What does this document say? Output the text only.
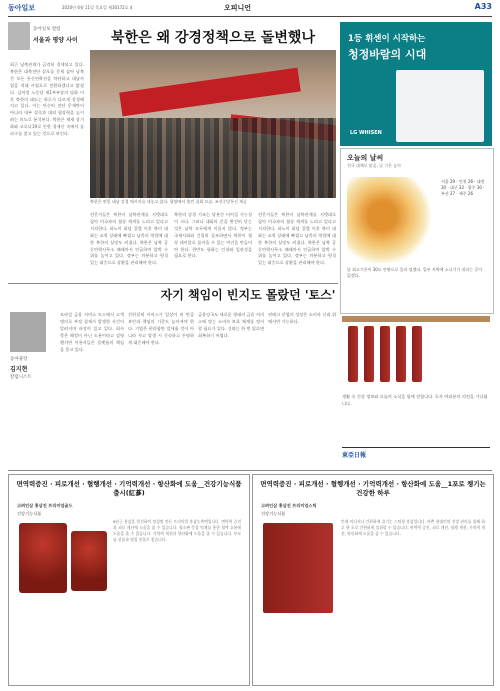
동아일보	2020년 6월 11일 목요일 제30172호 4	오피니언	A33
동아일보 칼럼
서울과 평양 사이	북한은 왜 강경정책으로 돌변했나
최근 남북관계가 급격히 경색되고 있다. 북한은 대북전단 살포를 문제 삼아 남북 간 모든 통신연락선을 차단하고 대남사업을 적대 사업으로 전환하겠다고 밝혔다. 김여정 노동당 제1부부장의 담화 이후 북한의 태도는 하루가 다르게 강경해지고 있다. 이는 단순히 전단 문제만이 아니라 내부 결속과 대외 협상력을 높이려는 의도로 분석된다. 북한은 제재 장기화와 코로나19로 인한 경제난 속에서 돌파구를 찾고 있는 것으로 보인다.
북한은 연일 대남 강경 메시지를 내놓고 있다. 평양에서 열린 집회 모습. 조선중앙통신 제공
전문가들은 북한이 남북관계를 지렛대로 삼아 미국과의 협상 재개를 노리고 있다고 지적한다. 하노이 회담 결렬 이후 북미 대화는 교착 상태에 빠졌고 남측의 역할에 대한 북한의 실망도 커졌다. 북한은 남북 공동연락사무소 폐쇄까지 언급하며 압박 수위를 높이고 있다. 정부는 차분하고 원칙 있는 대응으로 상황을 관리해야 한다.
북한의 강경 기조는 당분간 이어질 가능성이 크다. 그러나 대화의 문을 완전히 닫는 것은 남북 모두에게 이롭지 않다. 정부는 국제사회와 긴밀히 공조하면서 북한이 협상 테이블로 돌아올 수 있는 여건을 만들어야 한다. 한반도 평화는 인내와 일관성을 필요로 한다.
전문가들은 북한이 남북관계를 지렛대로 삼아 미국과의 협상 재개를 노리고 있다고 지적한다. 하노이 회담 결렬 이후 북미 대화는 교착 상태에 빠졌고 남측의 역할에 대한 북한의 실망도 커졌다. 북한은 남북 공동연락사무소 폐쇄까지 언급하며 압박 수위를 높이고 있다. 정부는 차분하고 원칙 있는 대응으로 상황을 관리해야 한다.
자기 책임이 빈지도 몰랐던 '토스'
동아광장
김지현
칼럼니스트
모바일 금융 서비스 토스에서 고객 명의로 부정 결제가 발생한 사건이 알려지며 파장이 일고 있다. 회사 측은 해킹이 아닌 도용이라고 설명했지만 이용자들은 플랫폼의 책임을 묻고 있다.
간편결제 서비스가 일상이 된 만큼 보안과 책임의 기준도 높아져야 한다. 기업은 편리함만 앞세울 것이 아니라 사고 발생 시 신속하고 투명하게 대응해야 한다.
금융당국도 새로운 형태의 금융 서비스에 맞는 소비자 보호 체계를 정비할 필요가 있다. 신뢰는 한 번 잃으면 회복하기 어렵다.
핀테크 산업의 성장은 소비자 신뢰 위에서만 가능하다.
1등 휘센이 시작하는
청정바람의 시대
LG WHISEN
오늘의 날씨
전국 대체로 맑음, 낮 기온 높아
서울 29 · 인천 26 · 대전 30 · 대구 32 · 광주 30 · 부산 27 · 제주 26
낮 최고기온이 30도 안팎으로 올라 덥겠다. 일부 지역에 소나기가 내리는 곳이 있겠다.
생활 속 건강 정보와 오늘의 소식을 함께 전합니다. 독자 여러분의 의견을 기다립니다.
東亞日報
면역력증진 · 피로개선 · 혈행개선 · 기억력개선 · 항산화에 도움__건강기능식품 출시(紅蔘)
고려인삼 홍삼진 프리미엄골드
건강기능식품
6년근 홍삼을 엄선하여 정성껏 만든 프리미엄 홍삼농축액입니다. 면역력 증진과 피로 개선에 도움을 줄 수 있습니다. 혈소판 응집 억제를 통한 혈액 흐름에 도움을 줄 수 있습니다. 기억력 개선과 항산화에 도움을 줄 수 있습니다. 부모님 선물과 명절 선물로 좋습니다.
면역력증진 · 피로개선 · 혈행개선 · 기억력개선 · 항산화에 도움__1포로 챙기는 건강한 하루
고려인삼 홍삼진 프리미엄스틱
건강기능식품
언제 어디서나 간편하게 즐기는 스틱형 홍삼입니다. 바쁜 현대인의 건강 관리를 위해 하루 한 포로 간편하게 섭취할 수 있습니다. 면역력 증진, 피로 개선, 혈행 개선, 기억력 개선, 항산화에 도움을 줄 수 있습니다.
